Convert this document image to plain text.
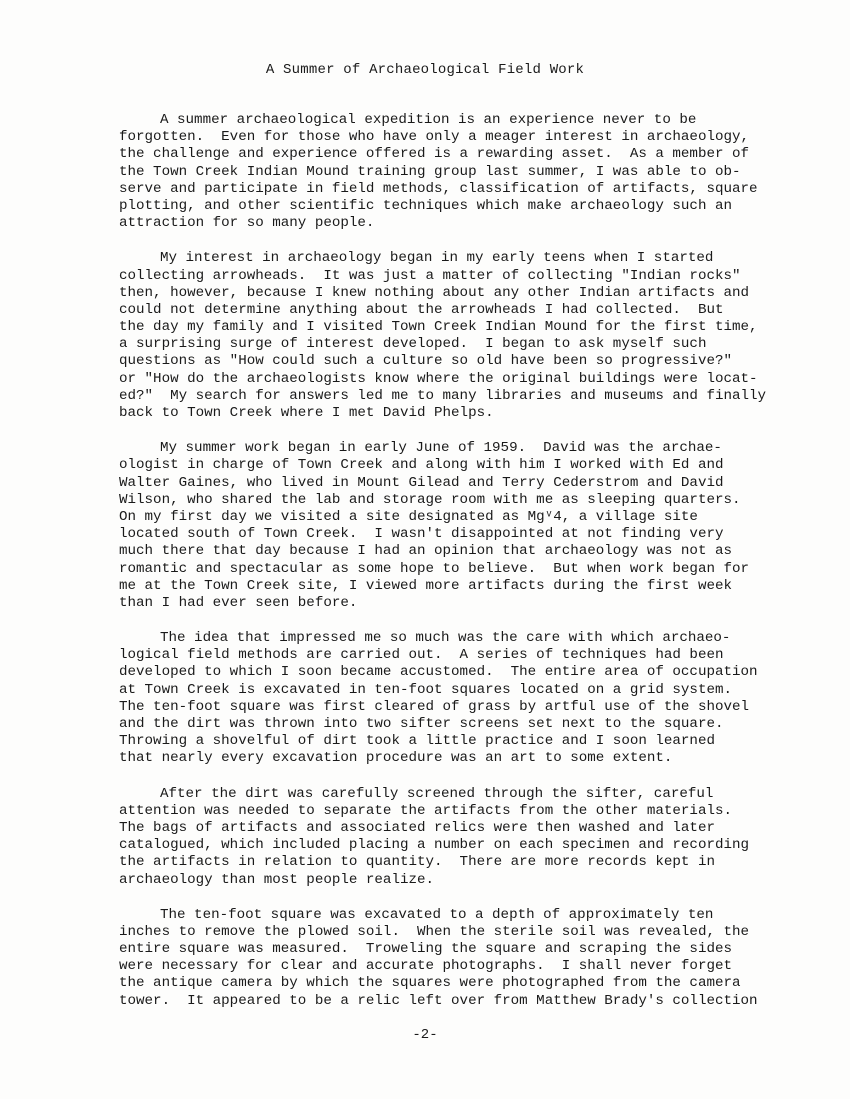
A Summer of Archaeological Field Work
A summer archaeological expedition is an experience never to be
forgotten.  Even for those who have only a meager interest in archaeology,
the challenge and experience offered is a rewarding asset.  As a member of
the Town Creek Indian Mound training group last summer, I was able to ob-
serve and participate in field methods, classification of artifacts, square
plotting, and other scientific techniques which make archaeology such an
attraction for so many people.
My interest in archaeology began in my early teens when I started
collecting arrowheads.  It was just a matter of collecting "Indian rocks"
then, however, because I knew nothing about any other Indian artifacts and
could not determine anything about the arrowheads I had collected.  But
the day my family and I visited Town Creek Indian Mound for the first time,
a surprising surge of interest developed.  I began to ask myself such
questions as "How could such a culture so old have been so progressive?"
or "How do the archaeologists know where the original buildings were locat-
ed?"  My search for answers led me to many libraries and museums and finally
back to Town Creek where I met David Phelps.
My summer work began in early June of 1959.  David was the archae-
ologist in charge of Town Creek and along with him I worked with Ed and
Walter Gaines, who lived in Mount Gilead and Terry Cederstrom and David
Wilson, who shared the lab and storage room with me as sleeping quarters.
On my first day we visited a site designated as Mgᵛ4, a village site
located south of Town Creek.  I wasn't disappointed at not finding very
much there that day because I had an opinion that archaeology was not as
romantic and spectacular as some hope to believe.  But when work began for
me at the Town Creek site, I viewed more artifacts during the first week
than I had ever seen before.
The idea that impressed me so much was the care with which archaeo-
logical field methods are carried out.  A series of techniques had been
developed to which I soon became accustomed.  The entire area of occupation
at Town Creek is excavated in ten-foot squares located on a grid system.
The ten-foot square was first cleared of grass by artful use of the shovel
and the dirt was thrown into two sifter screens set next to the square.
Throwing a shovelful of dirt took a little practice and I soon learned
that nearly every excavation procedure was an art to some extent.
After the dirt was carefully screened through the sifter, careful
attention was needed to separate the artifacts from the other materials.
The bags of artifacts and associated relics were then washed and later
catalogued, which included placing a number on each specimen and recording
the artifacts in relation to quantity.  There are more records kept in
archaeology than most people realize.
The ten-foot square was excavated to a depth of approximately ten
inches to remove the plowed soil.  When the sterile soil was revealed, the
entire square was measured.  Troweling the square and scraping the sides
were necessary for clear and accurate photographs.  I shall never forget
the antique camera by which the squares were photographed from the camera
tower.  It appeared to be a relic left over from Matthew Brady's collection
-2-
